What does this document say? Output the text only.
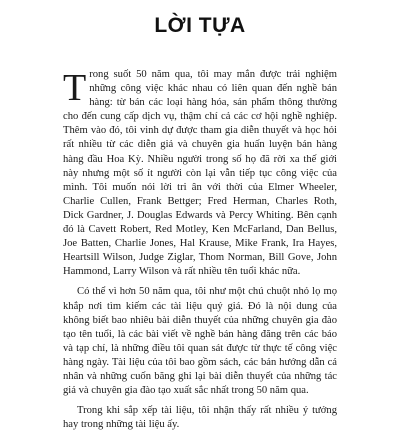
LỜI TỰA

T rong suốt 50 năm qua, tôi may mắn được trải nghiệm những công việc khác nhau có liên quan đến nghề bán hàng: từ bán các loại hàng hóa, sản phẩm thông thường cho đến cung cấp dịch vụ, thậm chí cả các cơ hội nghề nghiệp. Thêm vào đó, tôi vinh dự được tham gia diễn thuyết và học hỏi rất nhiều từ các diễn giả và chuyên gia huấn luyện bán hàng hàng đầu Hoa Kỳ. Nhiều người trong số họ đã rời xa thế giới này nhưng một số ít người còn lại vẫn tiếp tục công việc của mình. Tôi muốn nói lời tri ân với thời của Elmer Wheeler, Charlie Cullen, Frank Bettger; Fred Herman, Charles Roth, Dick Gardner, J. Douglas Edwards và Percy Whiting. Bên cạnh đó là Cavett Robert, Red Motley, Ken McFarland, Dan Bellus, Joe Batten, Charlie Jones, Hal Krause, Mike Frank, Ira Hayes, Heartsill Wilson, Judge Ziglar, Thom Norman, Bill Gove, John Hammond, Larry Wilson và rất nhiều tên tuổi khác nữa.

Có thể vì hơn 50 năm qua, tôi như một chú chuột nhỏ lọ mọ khắp nơi tìm kiếm các tài liệu quý giá. Đó là nội dung của không biết bao nhiêu bài diễn thuyết của những chuyên gia đào tạo tên tuổi, là các bài viết về nghề bán hàng đăng trên các báo và tạp chí, là những điều tôi quan sát được từ thực tế công việc hàng ngày. Tài liệu của tôi bao gồm sách, các bản hướng dẫn cá nhân và những cuốn băng ghi lại bài diễn thuyết của những tác giả và chuyên gia đào tạo xuất sắc nhất trong 50 năm qua.

Trong khi sắp xếp tài liệu, tôi nhận thấy rất nhiều ý tưởng hay trong những tài liệu ấy.
